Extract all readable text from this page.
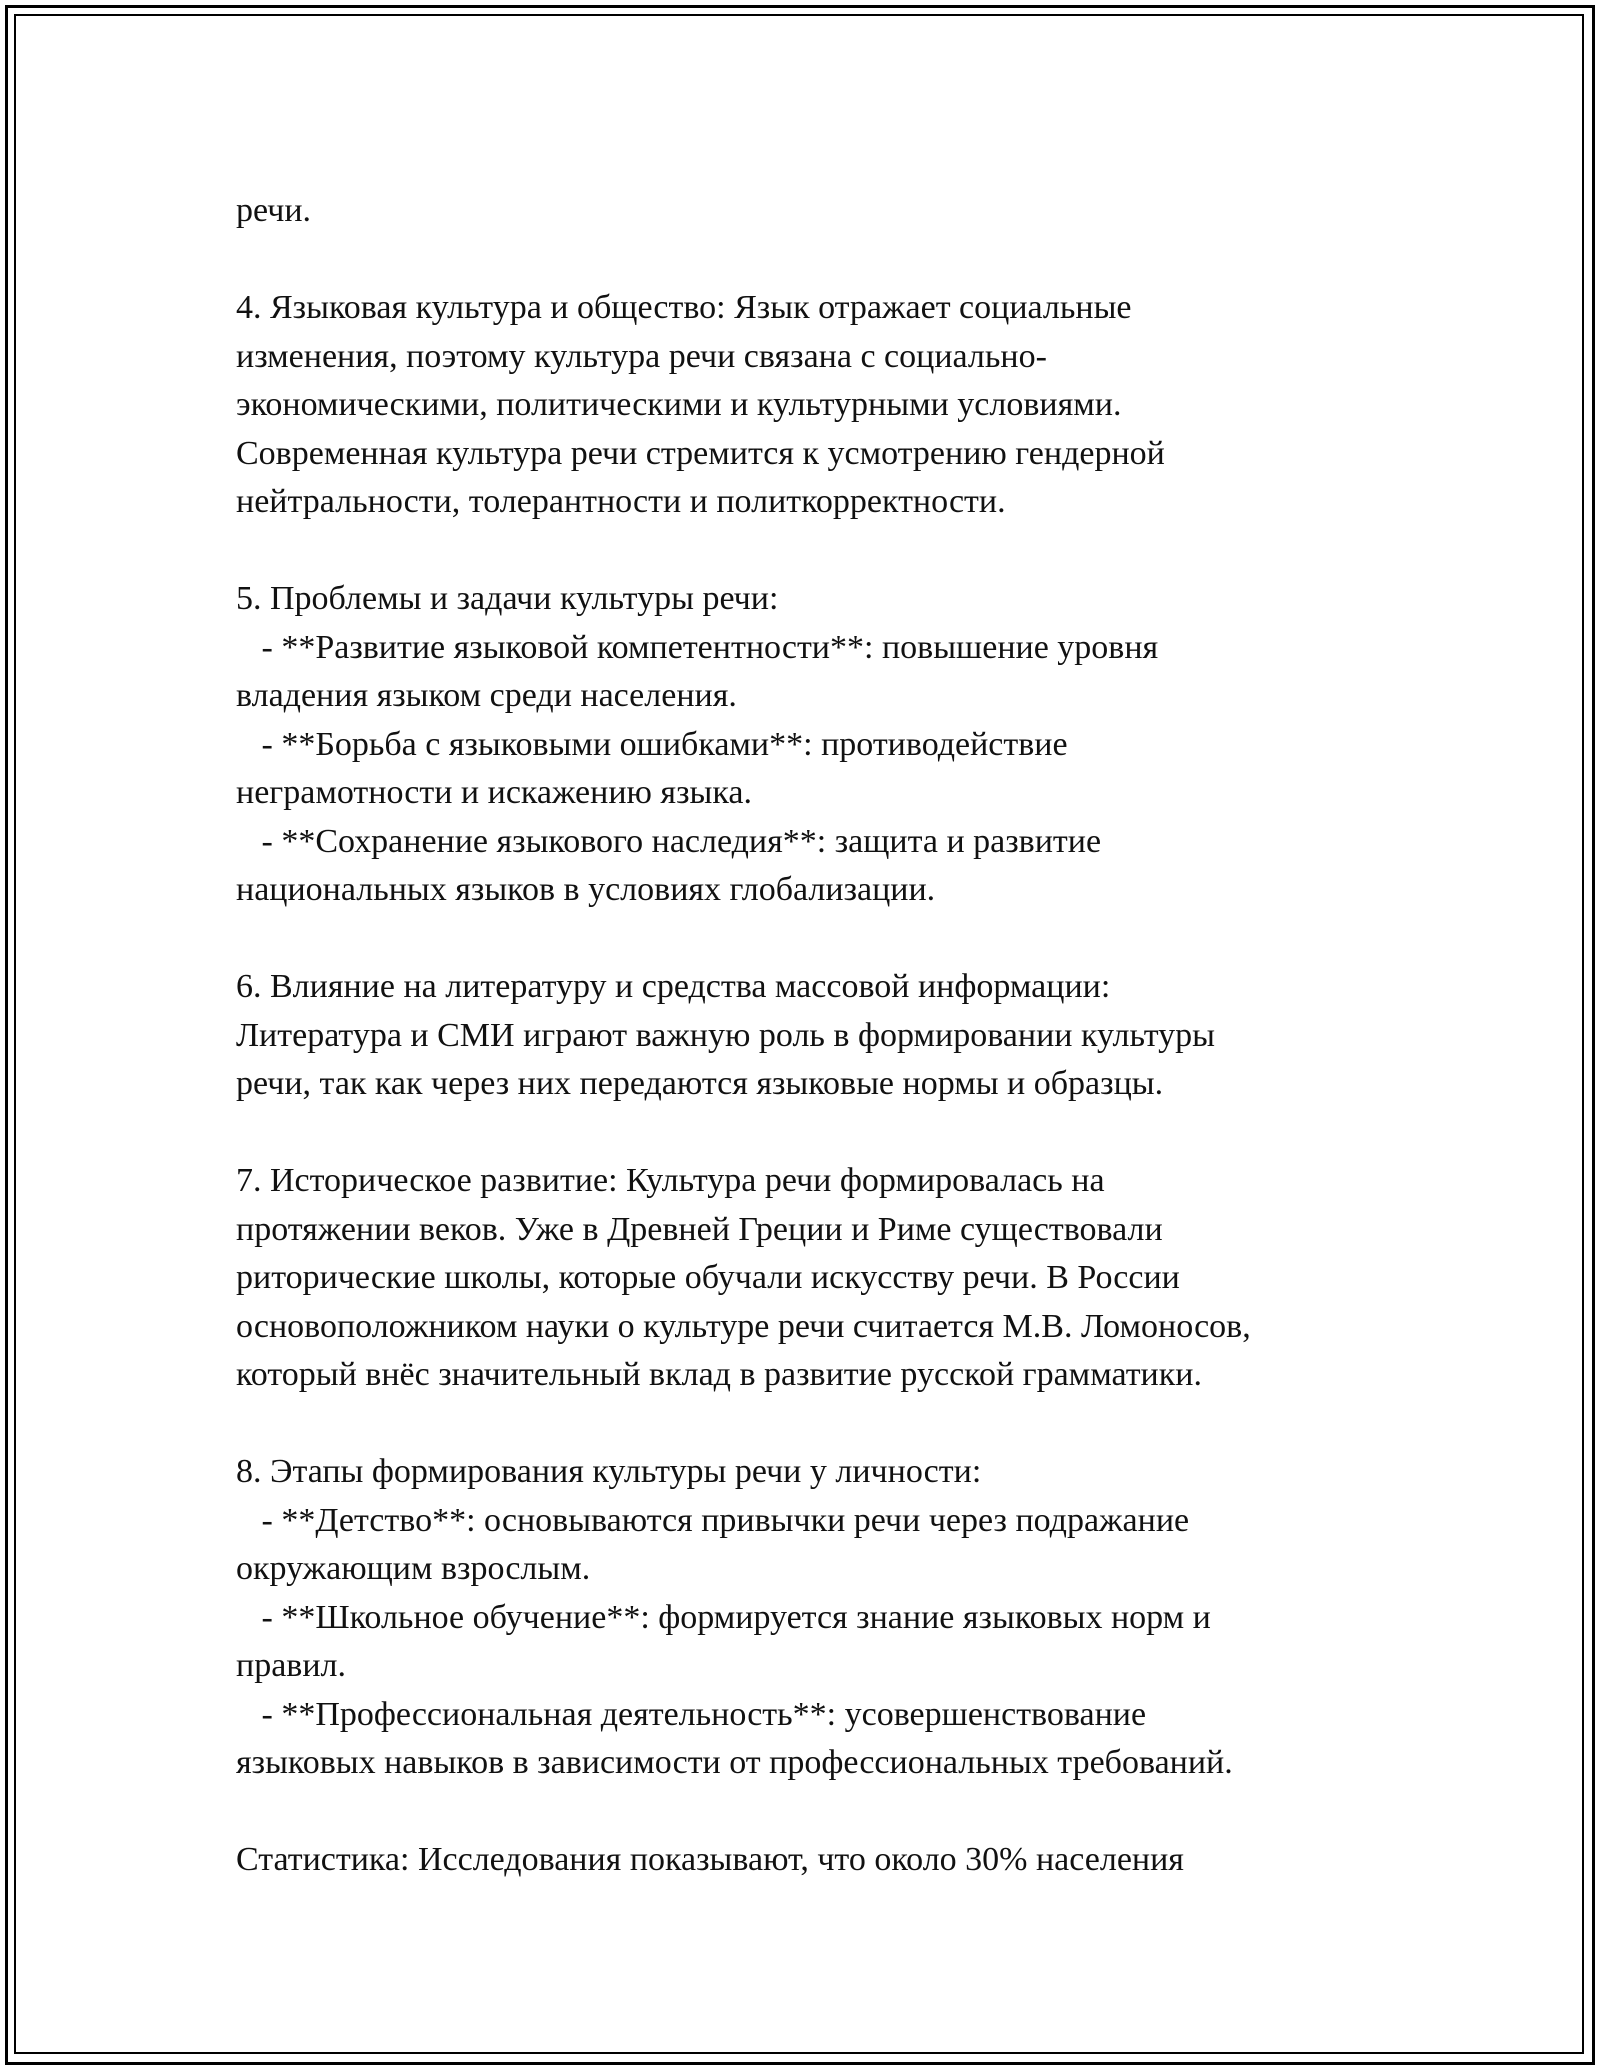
речи.

4. Языковая культура и общество: Язык отражает социальные
изменения, поэтому культура речи связана с социально-
экономическими, политическими и культурными условиями.
Современная культура речи стремится к усмотрению гендерной
нейтральности, толерантности и политкорректности.

5. Проблемы и задачи культуры речи:
- **Развитие языковой компетентности**: повышение уровня
владения языком среди населения.
- **Борьба с языковыми ошибками**: противодействие
неграмотности и искажению языка.
- **Сохранение языкового наследия**: защита и развитие
национальных языков в условиях глобализации.

6. Влияние на литературу и средства массовой информации:
Литература и СМИ играют важную роль в формировании культуры
речи, так как через них передаются языковые нормы и образцы.

7. Историческое развитие: Культура речи формировалась на
протяжении веков. Уже в Древней Греции и Риме существовали
риторические школы, которые обучали искусству речи. В России
основоположником науки о культуре речи считается М.В. Ломоносов,
который внёс значительный вклад в развитие русской грамматики.

8. Этапы формирования культуры речи у личности:
- **Детство**: основываются привычки речи через подражание
окружающим взрослым.
- **Школьное обучение**: формируется знание языковых норм и
правил.
- **Профессиональная деятельность**: усовершенствование
языковых навыков в зависимости от профессиональных требований.

Статистика: Исследования показывают, что около 30% населения
